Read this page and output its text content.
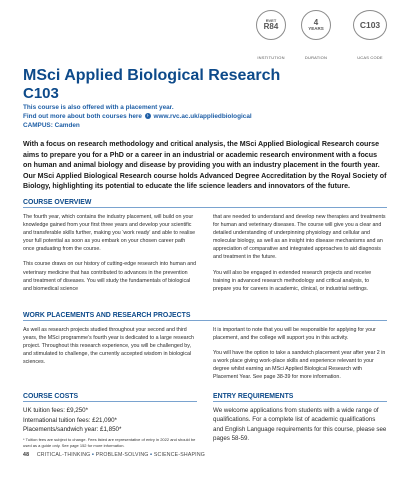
RVET
R84	4
YEARS	C103
INSTITUTION	DURATION	UCAS CODE
MSci Applied Biological Research
C103
This course is also offered with a placement year.
Find out more about both courses here › www.rvc.ac.uk/appliedbiological
CAMPUS: Camden

With a focus on research methodology and critical analysis, the MSci Applied Biological Research course aims to prepare you for a PhD or a career in an industrial or academic research environment with a focus on human and animal biology and disease by providing you with an industry placement in the fourth year. Our MSci Applied Biological Research course holds Advanced Degree Accreditation by the Royal Society of Biology, highlighting its potential to educate the life science leaders and innovators of the future.

COURSE OVERVIEW

The fourth year, which contains the industry placement, will build on your knowledge gained from your first three years and develop your scientific and transferable skills further, making you ‘work ready’ and able to realise your full potential as soon as you embark on your chosen career path once graduating from the course.

This course draws on our history of cutting-edge research into human and veterinary medicine that has contributed to advances in the prevention and treatment of diseases. You will study the fundamentals of biological and biomedical science

that are needed to understand and develop new therapies and treatments for human and veterinary diseases. The course will give you a clear and detailed understanding of underpinning physiology and cellular and molecular biology, as well as an insight into disease mechanisms and an appreciation of comparative and integrated approaches to aid diagnosis and treatment in the future.

You will also be engaged in extended research projects and receive training in advanced research methodology and critical analysis, to prepare you for careers in academic, clinical, or industrial settings.

WORK PLACEMENTS AND RESEARCH PROJECTS

As well as research projects studied throughout your second and third years, the MSci programme’s fourth year is dedicated to a large research project. Throughout this research experience, you will be challenged by, and stimulated to challenge, the currently accepted wisdom in biological sciences.

It is important to note that you will be responsible for applying for your placement, and the college will support you in this activity.

You will have the option to take a sandwich placement year after year 2 in a work place giving work-place skills and experience relevant to your degree whilst earning an MSci Applied Biological Research with Placement Year. See page 38-39 for more information.

COURSE COSTS
UK tuition fees: £9,250*
International tuition fees: £21,090*
Placements/sandwich year: £1,850*
* Tuition fees are subject to change. Fees listed are representative of entry in 2022 and should be used as a guide only. See page 152 for more information.
ENTRY REQUIREMENTS
We welcome applications from students with a wide range of qualifications. For a complete list of academic qualifications and English Language requirements for this course, please see pages 58-59.
48 CRITICAL-THINKING • PROBLEM-SOLVING • SCIENCE-SHAPING
